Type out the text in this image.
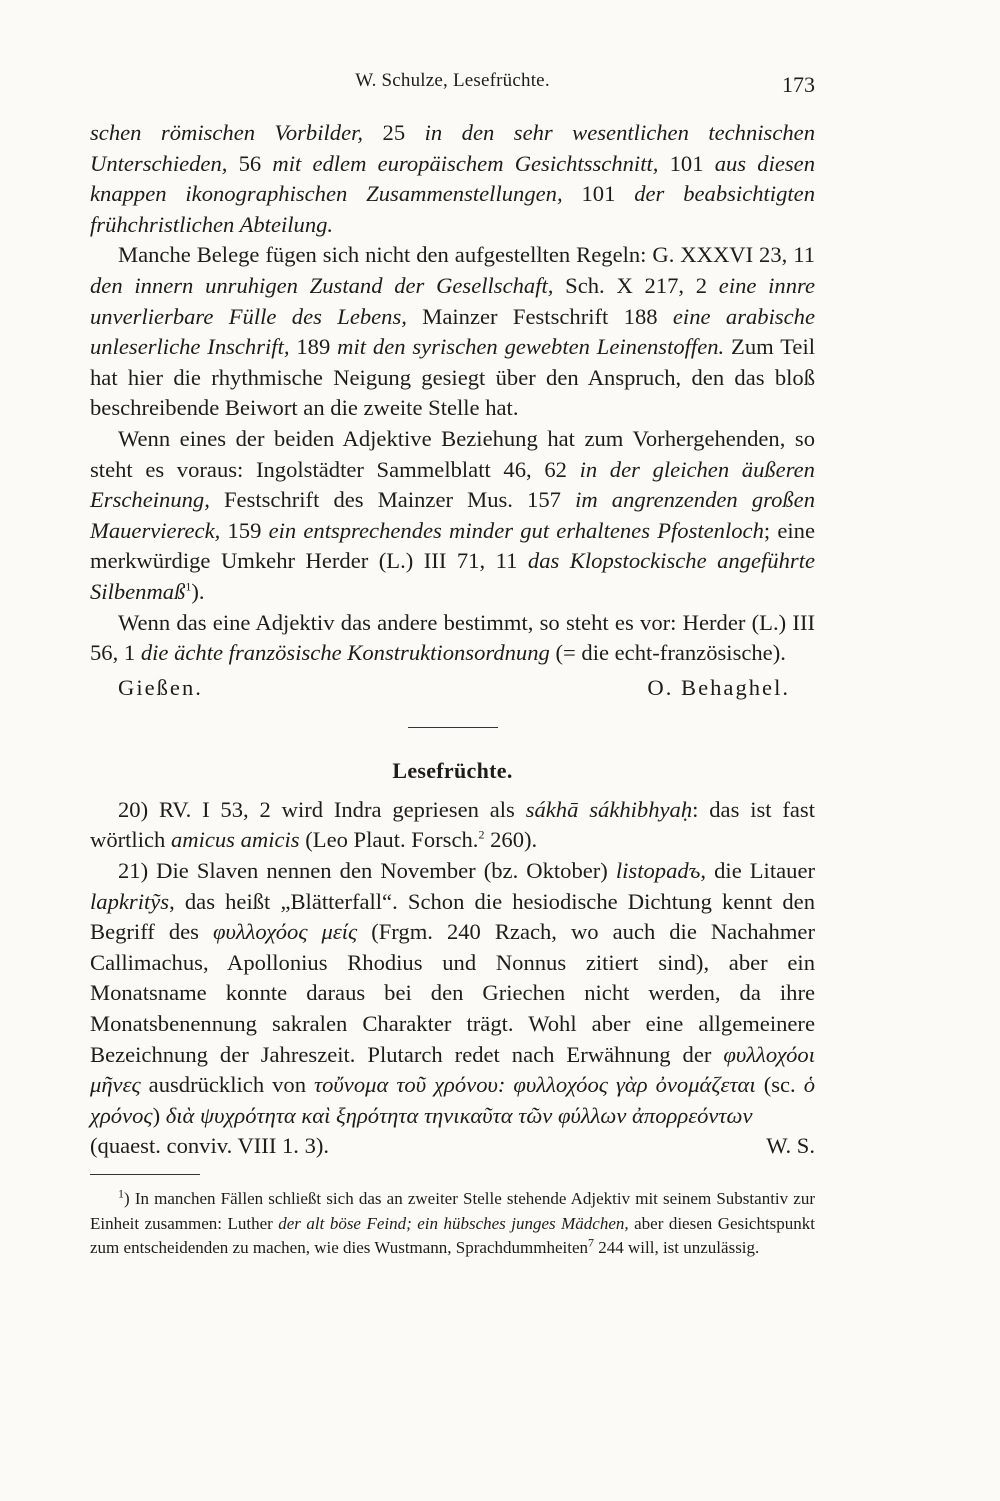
W. Schulze, Lesefrüchte.	173

schen römischen Vorbilder, 25 in den sehr wesentlichen technischen Unterschieden, 56 mit edlem europäischem Gesichtsschnitt, 101 aus diesen knappen ikonographischen Zusammenstellungen, 101 der beabsichtigten frühchristlichen Abteilung.

Manche Belege fügen sich nicht den aufgestellten Regeln: G. XXXVI 23, 11 den innern unruhigen Zustand der Gesellschaft, Sch. X 217, 2 eine innre unverlierbare Fülle des Lebens, Mainzer Festschrift 188 eine arabische unleserliche Inschrift, 189 mit den syrischen gewebten Leinenstoffen. Zum Teil hat hier die rhythmische Neigung gesiegt über den Anspruch, den das bloß beschreibende Beiwort an die zweite Stelle hat.

Wenn eines der beiden Adjektive Beziehung hat zum Vorhergehenden, so steht es voraus: Ingolstädter Sammelblatt 46, 62 in der gleichen äußeren Erscheinung, Festschrift des Mainzer Mus. 157 im angrenzenden großen Mauerviereck, 159 ein entsprechendes minder gut erhaltenes Pfostenloch; eine merkwürdige Umkehr Herder (L.) III 71, 11 das Klopstockische angeführte Silbenmaß$^1$).

Wenn das eine Adjektiv das andere bestimmt, so steht es vor: Herder (L.) III 56, 1 die ächte französische Konstruktionsordnung (= die echt-französische).

Gießen.	O. Behaghel.
Lesefrüchte.

20) RV. I 53, 2 wird Indra gepriesen als sákhā sákhibhyaḥ: das ist fast wörtlich amicus amicis (Leo Plaut. Forsch.$^2$ 260).

21) Die Slaven nennen den November (bz. Oktober) listopadъ, die Litauer lapkritỹs, das heißt „Blätterfall“. Schon die hesiodische Dichtung kennt den Begriff des φυλλοχόος μείς (Frgm. 240 Rzach, wo auch die Nachahmer Callimachus, Apollonius Rhodius und Nonnus zitiert sind), aber ein Monatsname konnte daraus bei den Griechen nicht werden, da ihre Monatsbenennung sakralen Charakter trägt. Wohl aber eine allgemeinere Bezeichnung der Jahreszeit. Plutarch redet nach Erwähnung der φυλλοχόοι μῆνες ausdrücklich von τοὔνομα τοῦ χρόνου: φυλλοχόος γὰρ ὀνομάζεται (sc. ὁ χρόνος) διὰ ψυχρότητα καὶ ξηρότητα τηνικαῦτα τῶν φύλλων ἀπορρεόντων

(quaest. conviv. VIII 1. 3).	W. S.

$^1$) In manchen Fällen schließt sich das an zweiter Stelle stehende Adjektiv mit seinem Substantiv zur Einheit zusammen: Luther der alt böse Feind; ein hübsches junges Mädchen, aber diesen Gesichtspunkt zum entscheidenden zu machen, wie dies Wustmann, Sprachdummheiten$^7$ 244 will, ist unzulässig.
